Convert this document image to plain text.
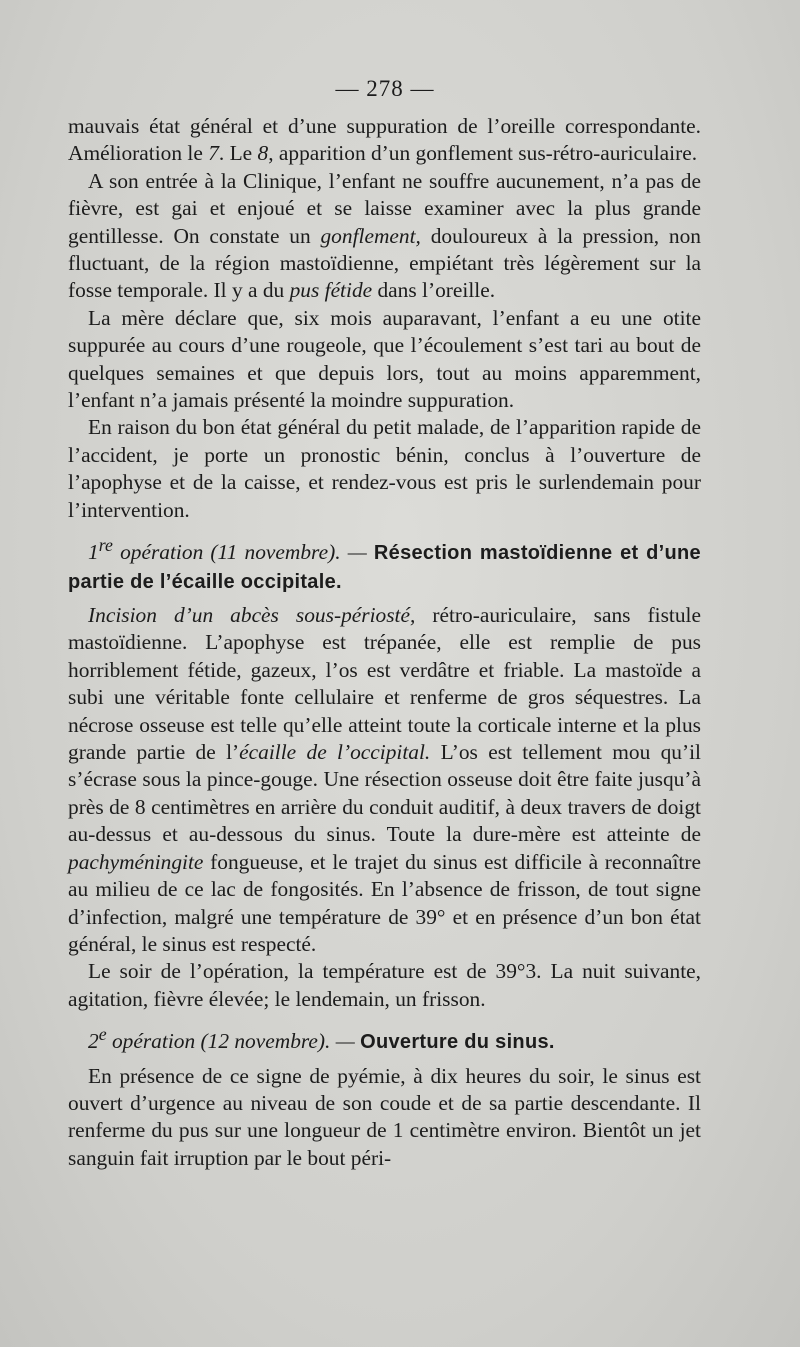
— 278 —

mauvais état général et d’une suppuration de l’oreille correspondante. Amélioration le 7. Le 8, apparition d’un gonflement sus-rétro-auriculaire.

A son entrée à la Clinique, l’enfant ne souffre aucunement, n’a pas de fièvre, est gai et enjoué et se laisse examiner avec la plus grande gentillesse. On constate un gonflement, douloureux à la pression, non fluctuant, de la région mastoïdienne, empiétant très légèrement sur la fosse temporale. Il y a du pus fétide dans l’oreille.

La mère déclare que, six mois auparavant, l’enfant a eu une otite suppurée au cours d’une rougeole, que l’écoulement s’est tari au bout de quelques semaines et que depuis lors, tout au moins apparemment, l’enfant n’a jamais présenté la moindre suppuration.

En raison du bon état général du petit malade, de l’apparition rapide de l’accident, je porte un pronostic bénin, conclus à l’ouverture de l’apophyse et de la caisse, et rendez-vous est pris le surlendemain pour l’intervention.

1re opération (11 novembre). — Résection mastoïdienne et d’une partie de l’écaille occipitale.

Incision d’un abcès sous-périosté, rétro-auriculaire, sans fistule mastoïdienne. L’apophyse est trépanée, elle est remplie de pus horriblement fétide, gazeux, l’os est verdâtre et friable. La mastoïde a subi une véritable fonte cellulaire et renferme de gros séquestres. La nécrose osseuse est telle qu’elle atteint toute la corticale interne et la plus grande partie de l’écaille de l’occipital. L’os est tellement mou qu’il s’écrase sous la pince-gouge. Une résection osseuse doit être faite jusqu’à près de 8 centimètres en arrière du conduit auditif, à deux travers de doigt au-dessus et au-dessous du sinus. Toute la dure-mère est atteinte de pachyméningite fongueuse, et le trajet du sinus est difficile à reconnaître au milieu de ce lac de fongosités. En l’absence de frisson, de tout signe d’infection, malgré une température de 39° et en présence d’un bon état général, le sinus est respecté.

Le soir de l’opération, la température est de 39°3. La nuit suivante, agitation, fièvre élevée; le lendemain, un frisson.

2e opération (12 novembre). — Ouverture du sinus.

En présence de ce signe de pyémie, à dix heures du soir, le sinus est ouvert d’urgence au niveau de son coude et de sa partie descendante. Il renferme du pus sur une longueur de 1 centimètre environ. Bientôt un jet sanguin fait irruption par le bout péri-
